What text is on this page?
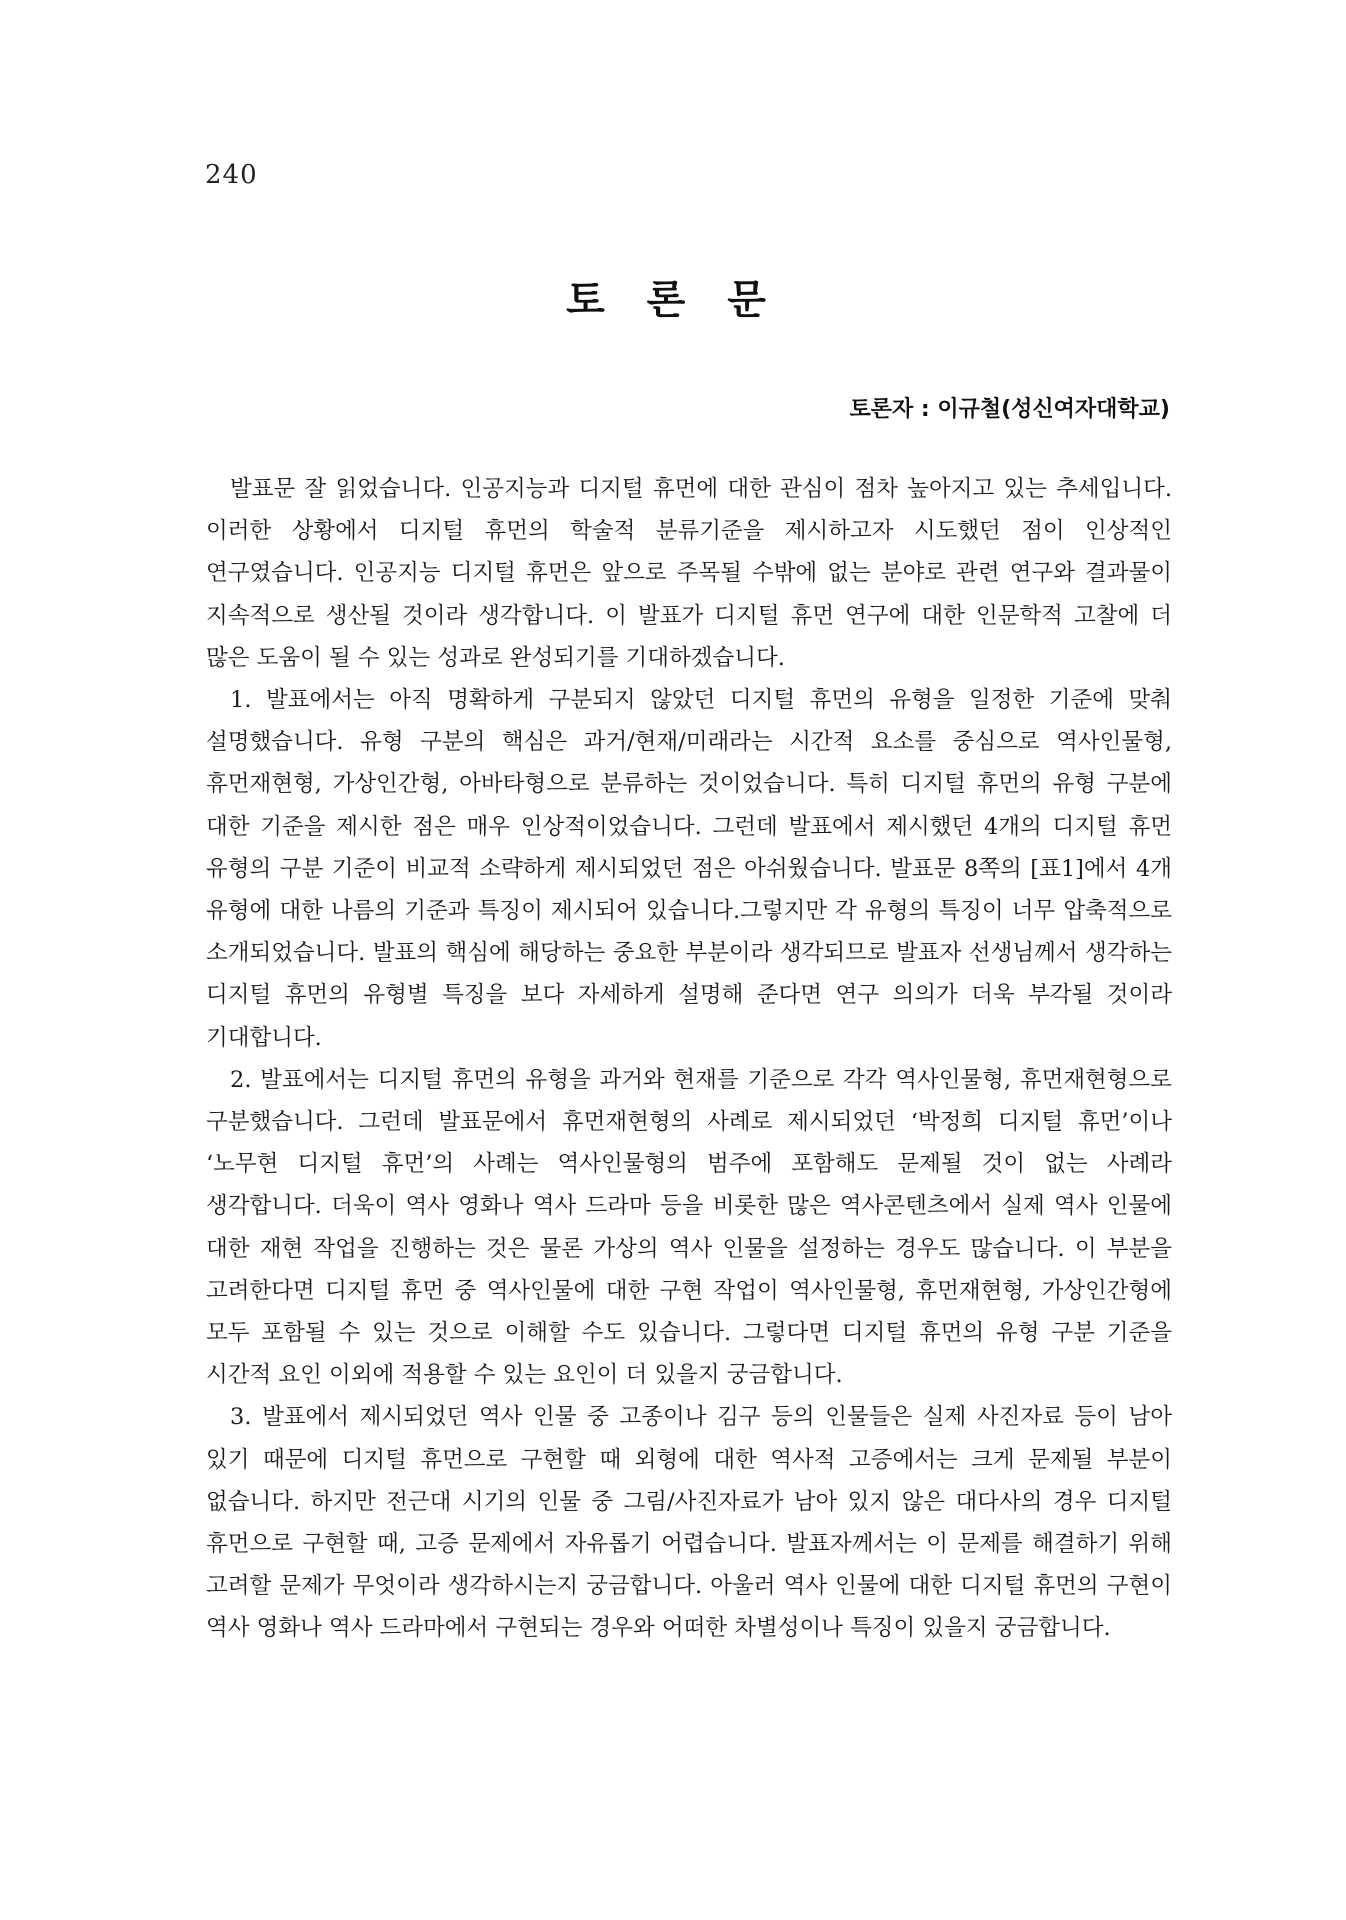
240
토 론 문
토론자 : 이규철(성신여자대학교)

발표문 잘 읽었습니다. 인공지능과 디지털 휴먼에 대한 관심이 점차 높아지고 있는 추세입니다. 이러한 상황에서 디지털 휴먼의 학술적 분류기준을 제시하고자 시도했던 점이 인상적인 연구였습니다. 인공지능 디지털 휴먼은 앞으로 주목될 수밖에 없는 분야로 관련 연구와 결과물이 지속적으로 생산될 것이라 생각합니다. 이 발표가 디지털 휴먼 연구에 대한 인문학적 고찰에 더 많은 도움이 될 수 있는 성과로 완성되기를 기대하겠습니다.

1. 발표에서는 아직 명확하게 구분되지 않았던 디지털 휴먼의 유형을 일정한 기준에 맞춰 설명했습니다. 유형 구분의 핵심은 과거/현재/미래라는 시간적 요소를 중심으로 역사인물형, 휴먼재현형, 가상인간형, 아바타형으로 분류하는 것이었습니다. 특히 디지털 휴먼의 유형 구분에 대한 기준을 제시한 점은 매우 인상적이었습니다. 그런데 발표에서 제시했던 4개의 디지털 휴먼 유형의 구분 기준이 비교적 소략하게 제시되었던 점은 아쉬웠습니다. 발표문 8쪽의 [표1]에서 4개 유형에 대한 나름의 기준과 특징이 제시되어 있습니다.그렇지만 각 유형의 특징이 너무 압축적으로 소개되었습니다. 발표의 핵심에 해당하는 중요한 부분이라 생각되므로 발표자 선생님께서 생각하는 디지털 휴먼의 유형별 특징을 보다 자세하게 설명해 준다면 연구 의의가 더욱 부각될 것이라 기대합니다.

2. 발표에서는 디지털 휴먼의 유형을 과거와 현재를 기준으로 각각 역사인물형, 휴먼재현형으로 구분했습니다. 그런데 발표문에서 휴먼재현형의 사례로 제시되었던 ‘박정희 디지털 휴먼’이나 ‘노무현 디지털 휴먼’의 사례는 역사인물형의 범주에 포함해도 문제될 것이 없는 사례라 생각합니다. 더욱이 역사 영화나 역사 드라마 등을 비롯한 많은 역사콘텐츠에서 실제 역사 인물에 대한 재현 작업을 진행하는 것은 물론 가상의 역사 인물을 설정하는 경우도 많습니다. 이 부분을 고려한다면 디지털 휴먼 중 역사인물에 대한 구현 작업이 역사인물형, 휴먼재현형, 가상인간형에 모두 포함될 수 있는 것으로 이해할 수도 있습니다. 그렇다면 디지털 휴먼의 유형 구분 기준을 시간적 요인 이외에 적용할 수 있는 요인이 더 있을지 궁금합니다.

3. 발표에서 제시되었던 역사 인물 중 고종이나 김구 등의 인물들은 실제 사진자료 등이 남아 있기 때문에 디지털 휴먼으로 구현할 때 외형에 대한 역사적 고증에서는 크게 문제될 부분이 없습니다. 하지만 전근대 시기의 인물 중 그림/사진자료가 남아 있지 않은 대다사의 경우 디지털 휴먼으로 구현할 때, 고증 문제에서 자유롭기 어렵습니다. 발표자께서는 이 문제를 해결하기 위해 고려할 문제가 무엇이라 생각하시는지 궁금합니다. 아울러 역사 인물에 대한 디지털 휴먼의 구현이 역사 영화나 역사 드라마에서 구현되는 경우와 어떠한 차별성이나 특징이 있을지 궁금합니다.
